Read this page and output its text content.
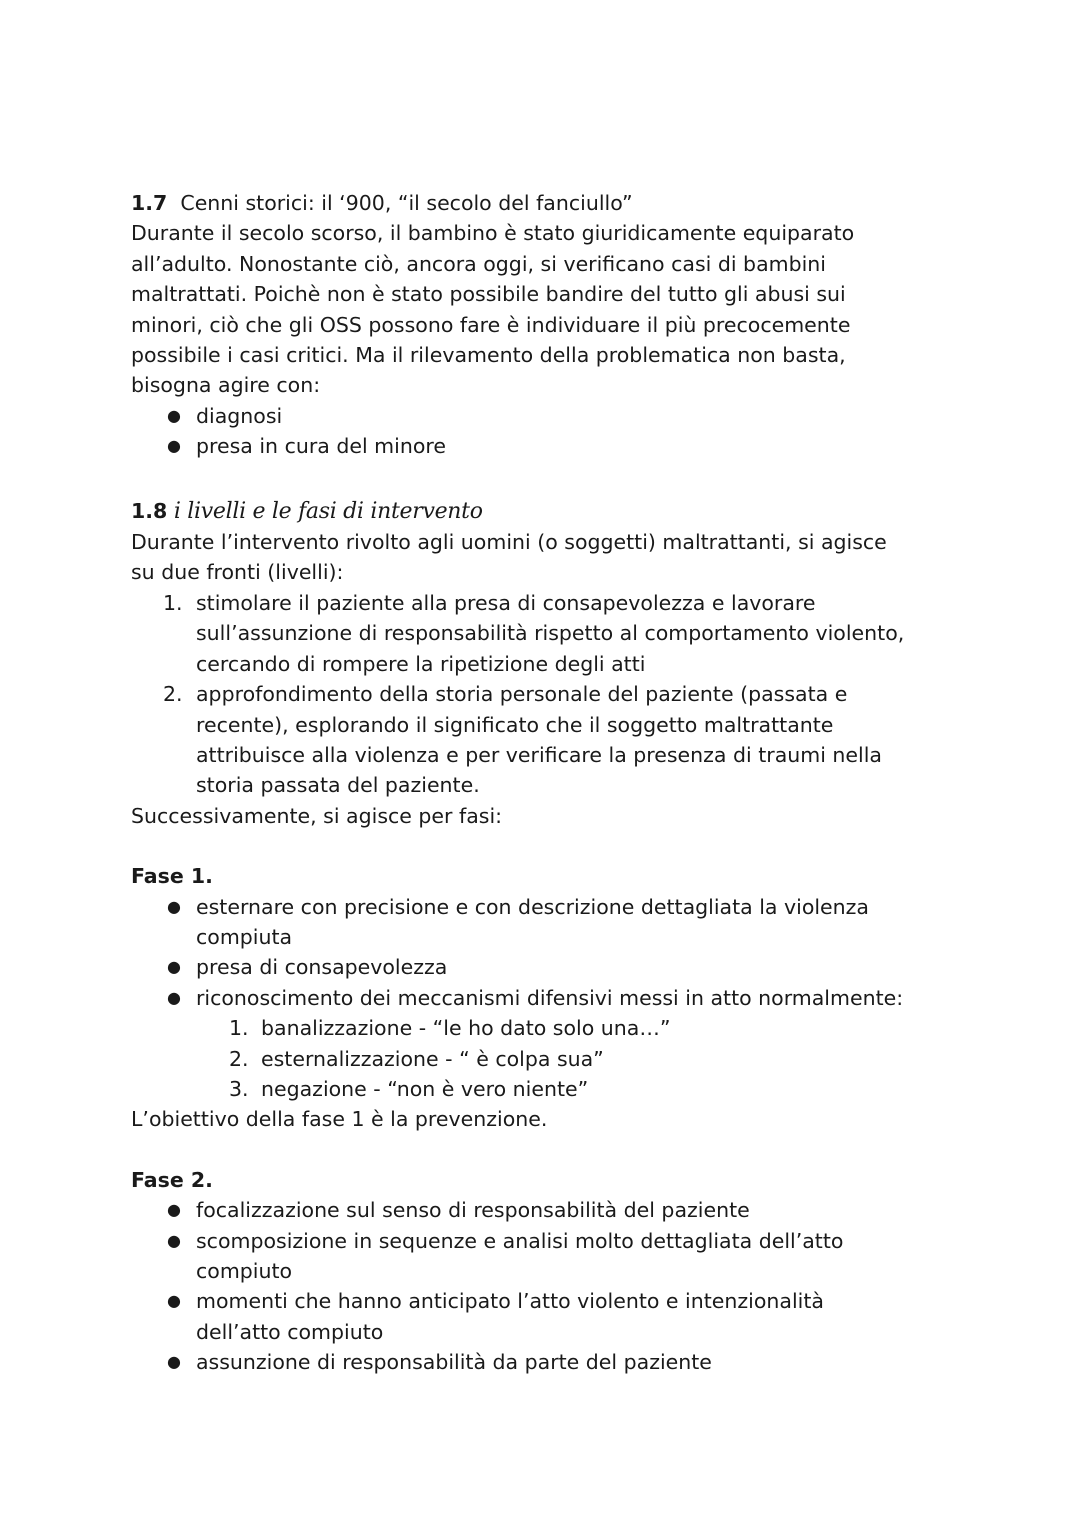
1.7 Cenni storici: il ‘900, “il secolo del fanciullo”

Durante il secolo scorso, il bambino è stato giuridicamente equiparato

all’adulto. Nonostante ciò, ancora oggi, si verificano casi di bambini

maltrattati. Poichè non è stato possibile bandire del tutto gli abusi sui

minori, ciò che gli OSS possono fare è individuare il più precocemente

possibile i casi critici. Ma il rilevamento della problematica non basta,

bisogna agire con:

● diagnosi
● presa in cura del minore

1.8 i livelli e le fasi di intervento

Durante l’intervento rivolto agli uomini (o soggetti) maltrattanti, si agisce

su due fronti (livelli):

1. stimolare il paziente alla presa di consapevolezza e lavorare
sull’assunzione di responsabilità rispetto al comportamento violento,
cercando di rompere la ripetizione degli atti
2. approfondimento della storia personale del paziente (passata e
recente), esplorando il significato che il soggetto maltrattante
attribuisce alla violenza e per verificare la presenza di traumi nella
storia passata del paziente.

Successivamente, si agisce per fasi:

Fase 1.

● esternare con precisione e con descrizione dettagliata la violenza
compiuta
● presa di consapevolezza
● riconoscimento dei meccanismi difensivi messi in atto normalmente:
1. banalizzazione - “le ho dato solo una…”
2. esternalizzazione - “ è colpa sua”
3. negazione - “non è vero niente”

L’obiettivo della fase 1 è la prevenzione.

Fase 2.

● focalizzazione sul senso di responsabilità del paziente
● scomposizione in sequenze e analisi molto dettagliata dell’atto
compiuto
● momenti che hanno anticipato l’atto violento e intenzionalità
dell’atto compiuto
● assunzione di responsabilità da parte del paziente
